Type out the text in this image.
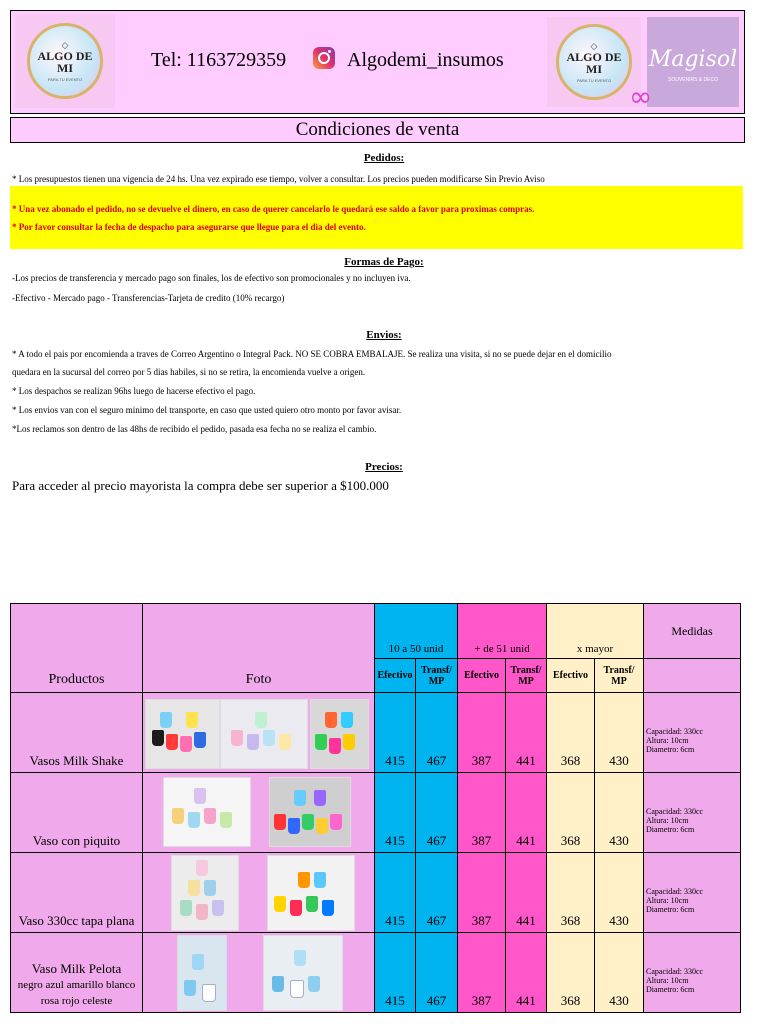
◇
ALGO DE MI
PARA TU EVENTO
Tel: 1163729359	Algodemi_insumos
◇
ALGO DE MI
PARA TU EVENTO
Magisol
SOUVENIRS & DECO
∞
Condiciones de venta
Pedidos:
* Los presupuestos tienen una vigencia de 24 hs. Una vez expirado ese tiempo, volver a consultar. Los precios pueden modificarse Sin Previo Aviso
* Una vez abonado el pedido, no se devuelve el dinero, en caso de querer cancelarlo le quedará ese saldo a favor para proximas compras.
* Por favor consultar la fecha de despacho para asegurarse que llegue para el dia del evento.
Formas de Pago:
-Los precios de transferencia y mercado pago son finales, los de efectivo son promocionales y no incluyen iva.
-Efectivo - Mercado pago - Transferencias-Tarjeta de credito (10% recargo)
Envios:
* A todo el pais por encomienda a traves de Correo Argentino o Integral Pack. NO SE COBRA EMBALAJE. Se realiza una visita, si no se puede dejar en el domicilio
quedara en la sucursal del correo por 5 dias habiles, si no se retira, la encomienda vuelve a origen.
* Los despachos se realizan 96hs luego de hacerse efectivo el pago.
* Los envios van con el seguro minimo del transporte, en caso que usted quiero otro monto por favor avisar.
*Los reclamos son dentro de las 48hs de recibido el pedido, pasada esa fecha no se realiza el cambio.
Precios:
Para acceder al precio mayorista la compra debe ser superior a $100.000
Productos	Foto	10 a 50 unid		+ de 51 unid		x mayor		Medidas
		Efectivo	Transf/ MP	Efectivo	Transf/ MP	Efectivo	Transf/ MP	
Vasos Milk Shake		415	467	387	441	368	430	Capacidad: 330cc
Altura: 10cm
Diametro: 6cm
Vaso con piquito		415	467	387	441	368	430	Capacidad: 330cc
Altura: 10cm
Diametro: 6cm
Vaso 330cc tapa plana		415	467	387	441	368	430	Capacidad: 330cc
Altura: 10cm
Diametro: 6cm
Vaso Milk Pelota
negro azul amarillo blanco rosa rojo celeste		415	467	387	441	368	430	Capacidad: 330cc
Altura: 10cm
Diametro: 6cm
